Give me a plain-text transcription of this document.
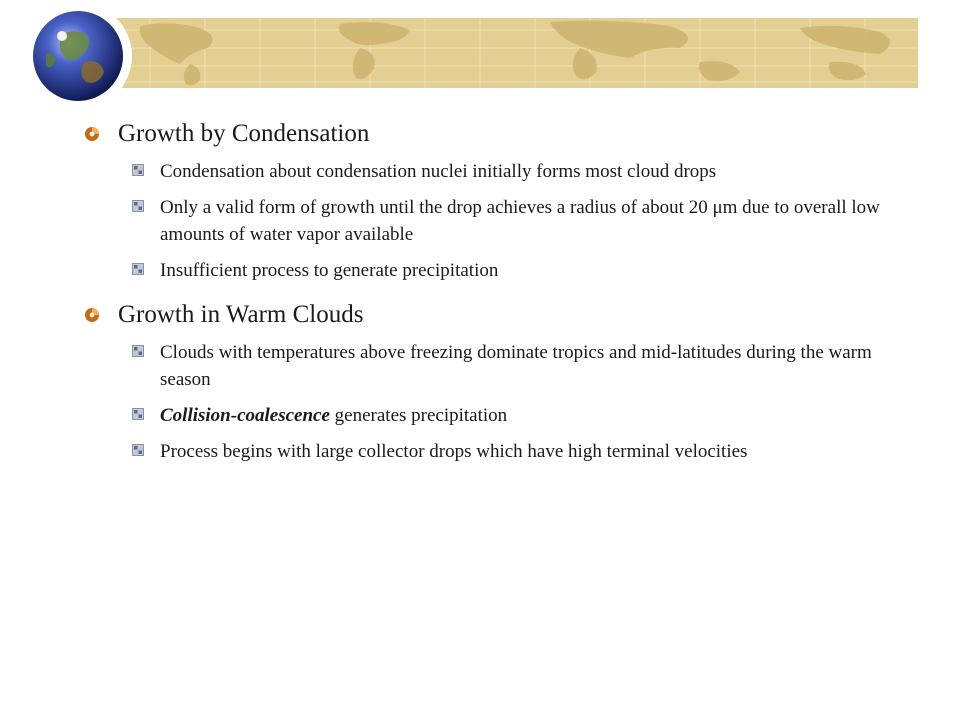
Growth by Condensation
Condensation about condensation nuclei initially forms most cloud drops
Only a valid form of growth until the drop achieves a radius of about 20 μm due to overall low amounts of water vapor available
Insufficient process to generate precipitation
Growth in Warm Clouds
Clouds with temperatures above freezing dominate tropics and mid-latitudes during the warm season
Collision-coalescence generates precipitation
Process begins with large collector drops which have high terminal velocities
